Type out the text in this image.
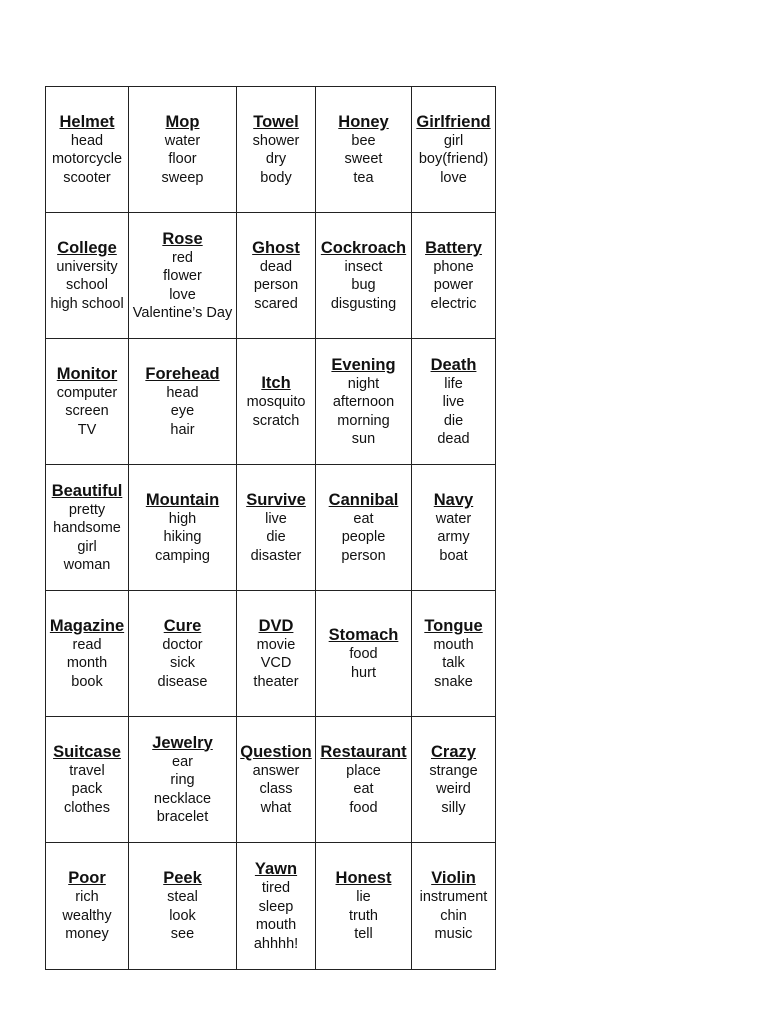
Helmet
head
motorcycle
scooter
Mop
water
floor
sweep
Towel
shower
dry
body
Honey
bee
sweet
tea
Girlfriend
girl
boy(friend)
love
College
university
school
high school
Rose
red
flower
love
Valentine’s Day
Ghost
dead
person
scared
Cockroach
insect
bug
disgusting
Battery
phone
power
electric
Monitor
computer
screen
TV
Forehead
head
eye
hair
Itch
mosquito
scratch
Evening
night
afternoon
morning
sun
Death
life
live
die
dead
Beautiful
pretty
handsome
girl
woman
Mountain
high
hiking
camping
Survive
live
die
disaster
Cannibal
eat
people
person
Navy
water
army
boat
Magazine
read
month
book
Cure
doctor
sick
disease
DVD
movie
VCD
theater
Stomach
food
hurt
Tongue
mouth
talk
snake
Suitcase
travel
pack
clothes
Jewelry
ear
ring
necklace
bracelet
Question
answer
class
what
Restaurant
place
eat
food
Crazy
strange
weird
silly
Poor
rich
wealthy
money
Peek
steal
look
see
Yawn
tired
sleep
mouth
ahhhh!
Honest
lie
truth
tell
Violin
instrument
chin
music
